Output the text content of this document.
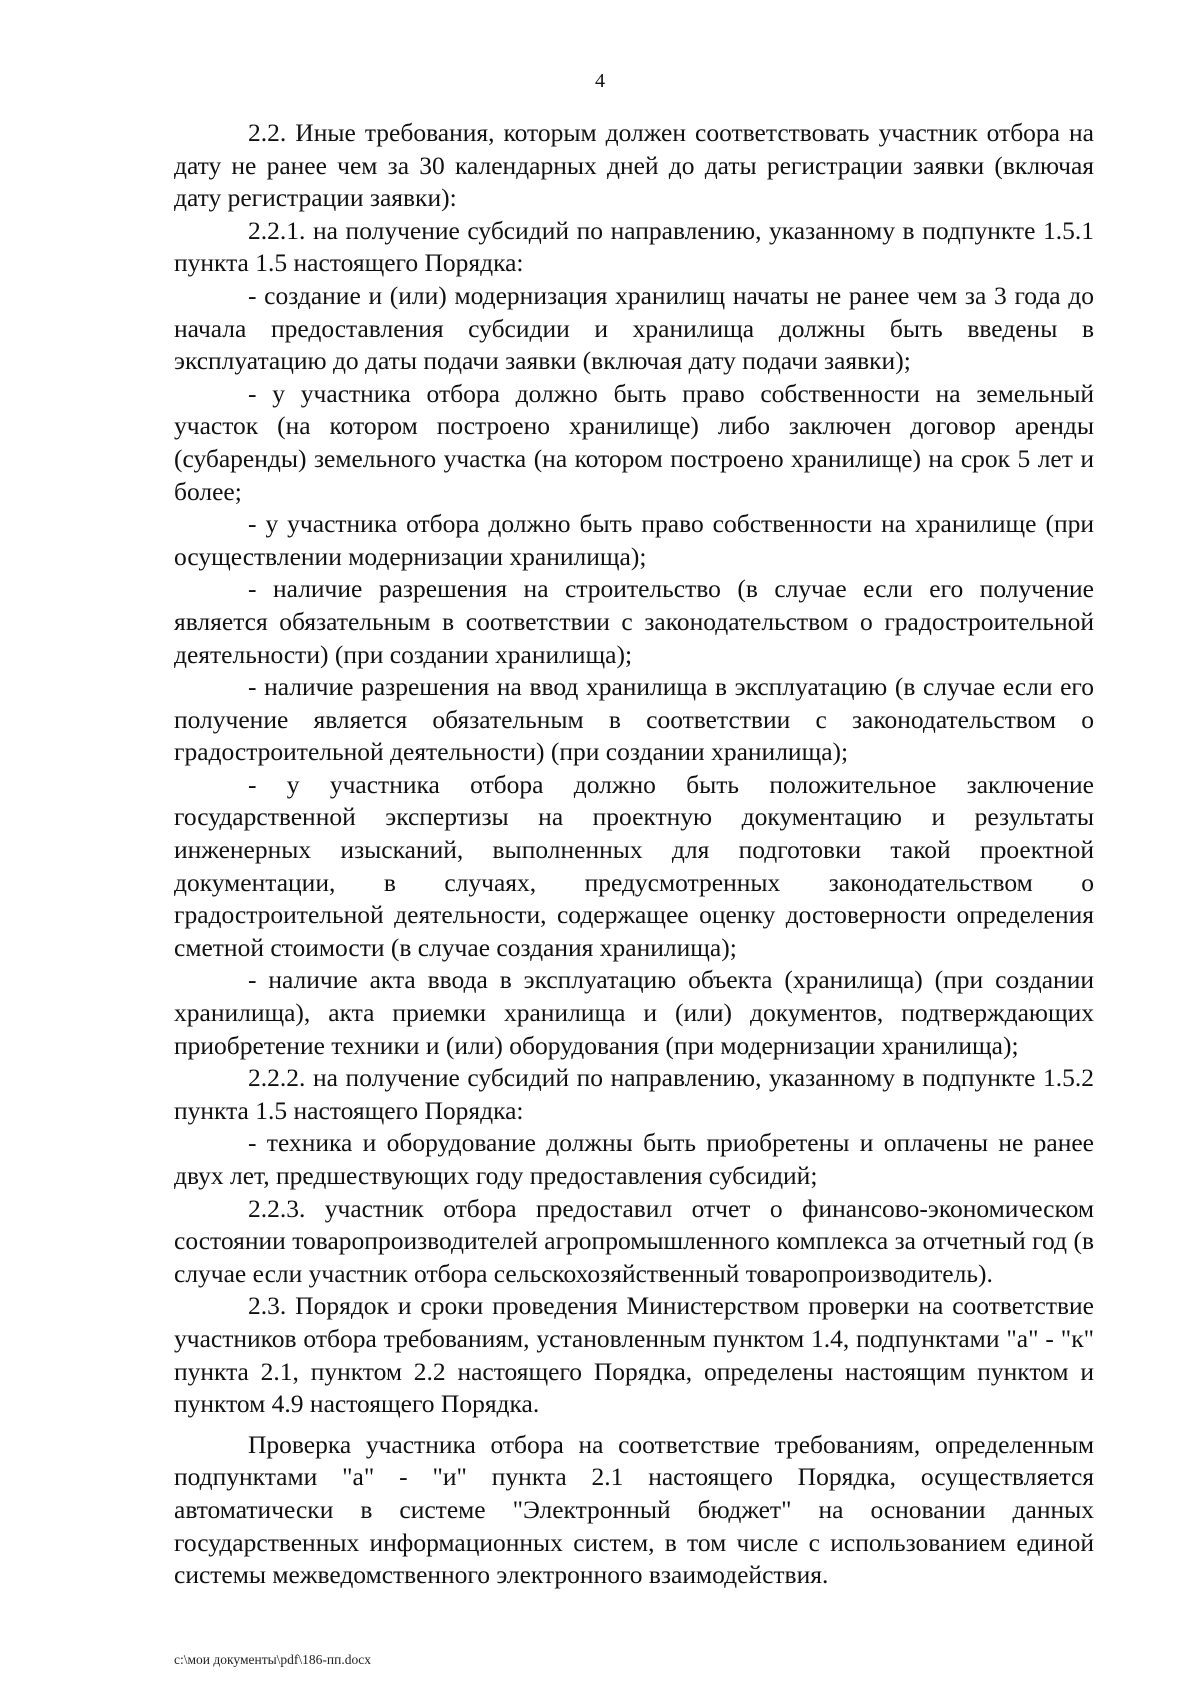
4

2.2. Иные требования, которым должен соответствовать участник отбора на дату не ранее чем за 30 календарных дней до даты регистрации заявки (включая дату регистрации заявки):

2.2.1. на получение субсидий по направлению, указанному в подпункте 1.5.1 пункта 1.5 настоящего Порядка:

- создание и (или) модернизация хранилищ начаты не ранее чем за 3 года до начала предоставления субсидии и хранилища должны быть введены в эксплуатацию до даты подачи заявки (включая дату подачи заявки);

- у участника отбора должно быть право собственности на земельный участок (на котором построено хранилище) либо заключен договор аренды (субаренды) земельного участка (на котором построено хранилище) на срок 5 лет и более;

- у участника отбора должно быть право собственности на хранилище (при осуществлении модернизации хранилища);

- наличие разрешения на строительство (в случае если его получение является обязательным в соответствии с законодательством о градостроительной деятельности) (при создании хранилища);

- наличие разрешения на ввод хранилища в эксплуатацию (в случае если его получение является обязательным в соответствии с законодательством о градостроительной деятельности) (при создании хранилища);

- у участника отбора должно быть положительное заключение государственной экспертизы на проектную документацию и результаты инженерных изысканий, выполненных для подготовки такой проектной документации, в случаях, предусмотренных законодательством о градостроительной деятельности, содержащее оценку достоверности определения сметной стоимости (в случае создания хранилища);

- наличие акта ввода в эксплуатацию объекта (хранилища) (при создании хранилища), акта приемки хранилища и (или) документов, подтверждающих приобретение техники и (или) оборудования (при модернизации хранилища);

2.2.2. на получение субсидий по направлению, указанному в подпункте 1.5.2 пункта 1.5 настоящего Порядка:

- техника и оборудование должны быть приобретены и оплачены не ранее двух лет, предшествующих году предоставления субсидий;

2.2.3. участник отбора предоставил отчет о финансово-экономическом состоянии товаропроизводителей агропромышленного комплекса за отчетный год (в случае если участник отбора сельскохозяйственный товаропроизводитель).

2.3. Порядок и сроки проведения Министерством проверки на соответствие участников отбора требованиям, установленным пунктом 1.4, подпунктами "а" - "к" пункта 2.1, пунктом 2.2 настоящего Порядка, определены настоящим пунктом и пунктом 4.9 настоящего Порядка.

Проверка участника отбора на соответствие требованиям, определенным подпунктами "а" - "и" пункта 2.1 настоящего Порядка, осуществляется автоматически в системе "Электронный бюджет" на основании данных государственных информационных систем, в том числе с использованием единой системы межведомственного электронного взаимодействия.

c:\мои документы\pdf\186-пп.docx
